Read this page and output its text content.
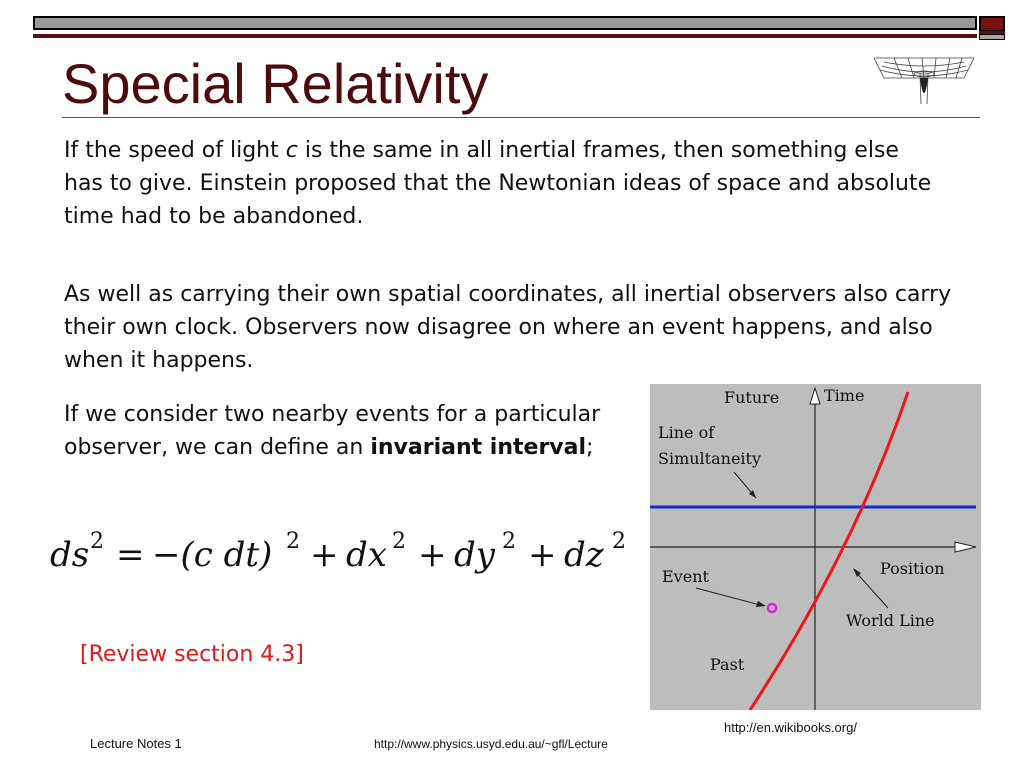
Special Relativity
If the speed of light c is the same in all inertial frames, then something else has to give. Einstein proposed that the Newtonian ideas of space and absolute time had to be abandoned.
As well as carrying their own spatial coordinates, all inertial observers also carry their own clock. Observers now disagree on where an event happens, and also when it happens.
If we consider two nearby events for a particular observer, we can define an invariant interval;
ds 2 = −(c dt) 2 + dx 2 + dy 2 + dz 2
[Review section 4.3]
Future	Time
Line of
Simultaneity
Position
Event
World Line
Past
http://en.wikibooks.org/
Lecture Notes 1	http://www.physics.usyd.edu.au/~gfl/Lecture
